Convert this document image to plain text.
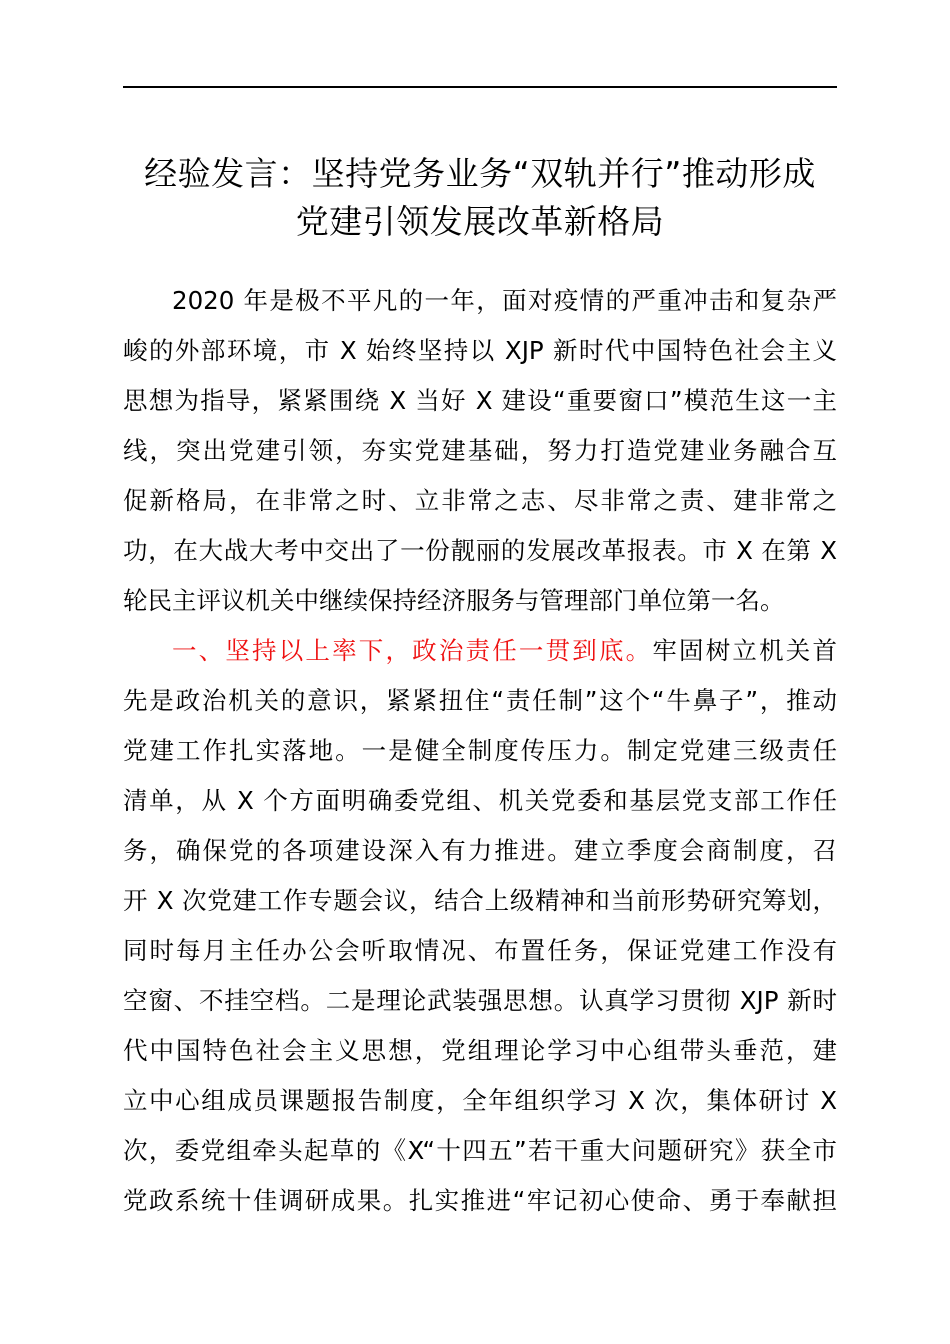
经验发言：坚持党务业务“双轨并行”推动形成
党建引领发展改革新格局
2020 年是极不平凡的一年，面对疫情的严重冲击和复杂严
峻的外部环境，市 X 始终坚持以 XJP 新时代中国特色社会主义
思想为指导，紧紧围绕 X 当好 X 建设“重要窗口”模范生这一主
线，突出党建引领，夯实党建基础，努力打造党建业务融合互
促新格局，在非常之时、立非常之志、尽非常之责、建非常之
功，在大战大考中交出了一份靓丽的发展改革报表。市 X 在第 X
轮民主评议机关中继续保持经济服务与管理部门单位第一名。
一、坚持以上率下，政治责任一贯到底。牢固树立机关首
先是政治机关的意识，紧紧扭住“责任制”这个“牛鼻子”，推动
党建工作扎实落地。一是健全制度传压力。制定党建三级责任
清单，从 X 个方面明确委党组、机关党委和基层党支部工作任
务，确保党的各项建设深入有力推进。建立季度会商制度，召
开 X 次党建工作专题会议，结合上级精神和当前形势研究筹划，
同时每月主任办公会听取情况、布置任务，保证党建工作没有
空窗、不挂空档。二是理论武装强思想。认真学习贯彻 XJP 新时
代中国特色社会主义思想，党组理论学习中心组带头垂范，建
立中心组成员课题报告制度，全年组织学习 X 次，集体研讨 X
次，委党组牵头起草的《X“十四五”若干重大问题研究》获全市
党政系统十佳调研成果。扎实推进“牢记初心使命、勇于奉献担
